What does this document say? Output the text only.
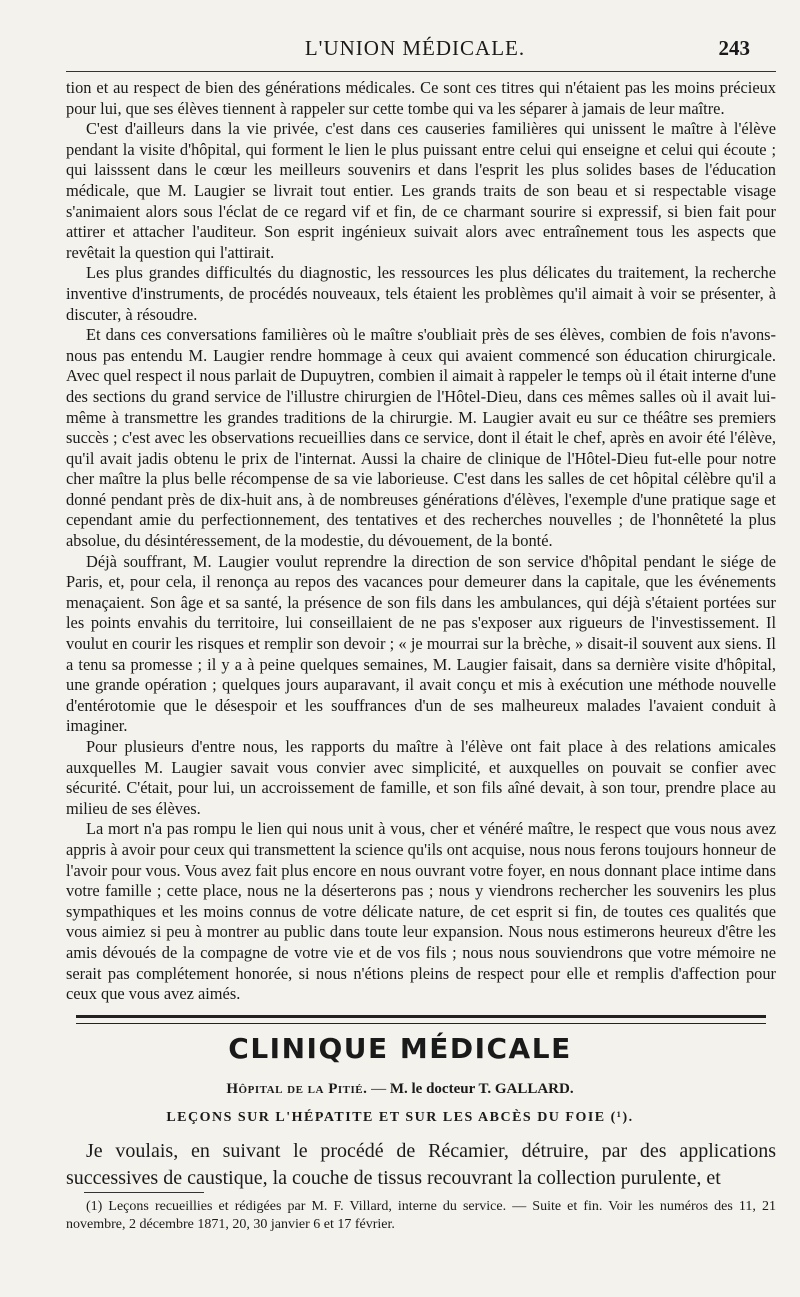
L'UNION MÉDICALE.	243

tion et au respect de bien des générations médicales. Ce sont ces titres qui n'étaient pas les moins précieux pour lui, que ses élèves tiennent à rappeler sur cette tombe qui va les séparer à jamais de leur maître.

C'est d'ailleurs dans la vie privée, c'est dans ces causeries familières qui unissent le maître à l'élève pendant la visite d'hôpital, qui forment le lien le plus puissant entre celui qui enseigne et celui qui écoute ; qui laisssent dans le cœur les meilleurs souvenirs et dans l'esprit les plus solides bases de l'éducation médicale, que M. Laugier se livrait tout entier. Les grands traits de son beau et si respectable visage s'animaient alors sous l'éclat de ce regard vif et fin, de ce charmant sourire si expressif, si bien fait pour attirer et attacher l'auditeur. Son esprit ingénieux suivait alors avec entraînement tous les aspects que revêtait la question qui l'attirait.

Les plus grandes difficultés du diagnostic, les ressources les plus délicates du traitement, la recherche inventive d'instruments, de procédés nouveaux, tels étaient les problèmes qu'il aimait à voir se présenter, à discuter, à résoudre.

Et dans ces conversations familières où le maître s'oubliait près de ses élèves, combien de fois n'avons-nous pas entendu M. Laugier rendre hommage à ceux qui avaient commencé son éducation chirurgicale. Avec quel respect il nous parlait de Dupuytren, combien il aimait à rappeler le temps où il était interne d'une des sections du grand service de l'illustre chirurgien de l'Hôtel-Dieu, dans ces mêmes salles où il avait lui-même à transmettre les grandes traditions de la chirurgie. M. Laugier avait eu sur ce théâtre ses premiers succès ; c'est avec les observations recueillies dans ce service, dont il était le chef, après en avoir été l'élève, qu'il avait jadis obtenu le prix de l'internat. Aussi la chaire de clinique de l'Hôtel-Dieu fut-elle pour notre cher maître la plus belle récompense de sa vie laborieuse. C'est dans les salles de cet hôpital célèbre qu'il a donné pendant près de dix-huit ans, à de nombreuses générations d'élèves, l'exemple d'une pratique sage et cependant amie du perfectionnement, des tentatives et des recherches nouvelles ; de l'honnêteté la plus absolue, du désintéressement, de la modestie, du dévouement, de la bonté.

Déjà souffrant, M. Laugier voulut reprendre la direction de son service d'hôpital pendant le siége de Paris, et, pour cela, il renonça au repos des vacances pour demeurer dans la capitale, que les événements menaçaient. Son âge et sa santé, la présence de son fils dans les ambulances, qui déjà s'étaient portées sur les points envahis du territoire, lui conseillaient de ne pas s'exposer aux rigueurs de l'investissement. Il voulut en courir les risques et remplir son devoir ; « je mourrai sur la brèche, » disait-il souvent aux siens. Il a tenu sa promesse ; il y a à peine quelques semaines, M. Laugier faisait, dans sa dernière visite d'hôpital, une grande opération ; quelques jours auparavant, il avait conçu et mis à exécution une méthode nouvelle d'entérotomie que le désespoir et les souffrances d'un de ses malheureux malades l'avaient conduit à imaginer.

Pour plusieurs d'entre nous, les rapports du maître à l'élève ont fait place à des relations amicales auxquelles M. Laugier savait vous convier avec simplicité, et auxquelles on pouvait se confier avec sécurité. C'était, pour lui, un accroissement de famille, et son fils aîné devait, à son tour, prendre place au milieu de ses élèves.

La mort n'a pas rompu le lien qui nous unit à vous, cher et vénéré maître, le respect que vous nous avez appris à avoir pour ceux qui transmettent la science qu'ils ont acquise, nous nous ferons toujours honneur de l'avoir pour vous. Vous avez fait plus encore en nous ouvrant votre foyer, en nous donnant place intime dans votre famille ; cette place, nous ne la déserterons pas ; nous y viendrons rechercher les souvenirs les plus sympathiques et les moins connus de votre délicate nature, de cet esprit si fin, de toutes ces qualités que vous aimiez si peu à montrer au public dans toute leur expansion. Nous nous estimerons heureux d'être les amis dévoués de la compagne de votre vie et de vos fils ; nous nous souviendrons que votre mémoire ne serait pas complétement honorée, si nous n'étions pleins de respect pour elle et remplis d'affection pour ceux que vous avez aimés.

CLINIQUE MÉDICALE
Hôpital de la Pitié. — M. le docteur T. GALLARD.
LEÇONS SUR L'HÉPATITE ET SUR LES ABCÈS DU FOIE (¹).

Je voulais, en suivant le procédé de Récamier, détruire, par des applications successives de caustique, la couche de tissus recouvrant la collection purulente, et

(1) Leçons recueillies et rédigées par M. F. Villard, interne du service. — Suite et fin. Voir les numéros des 11, 21 novembre, 2 décembre 1871, 20, 30 janvier 6 et 17 février.
